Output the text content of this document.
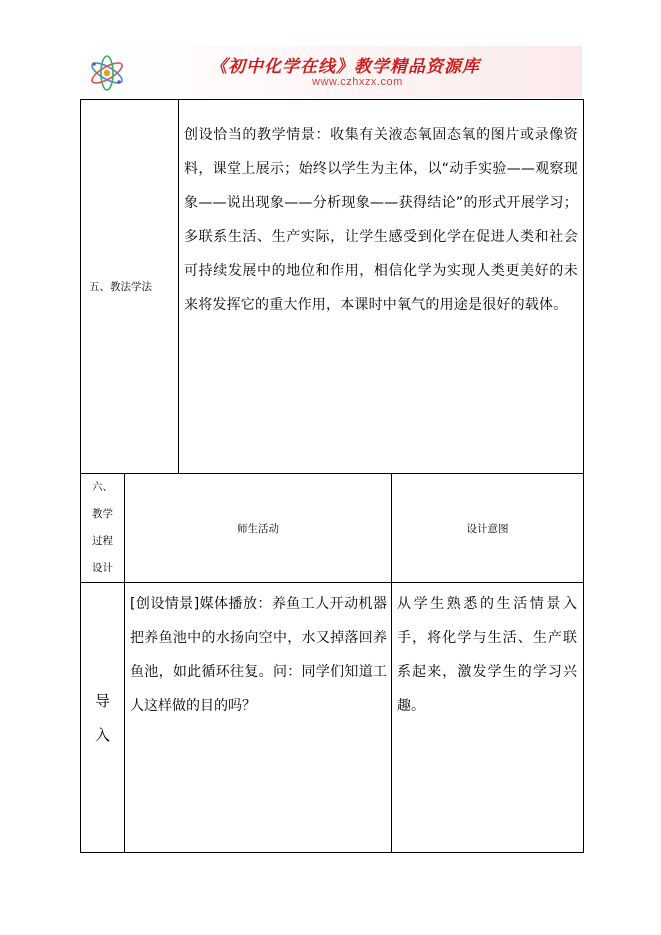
《初中化学在线》教学精品资源库
www.czhxzx.com
五、教法学法		创设恰当的教学情景：收集有关液态氧固态氧的图片或录像资料，课堂上展示；始终以学生为主体，以“动手实验——观察现象——说出现象——分析现象——获得结论”的形式开展学习；多联系生活、生产实际，让学生感受到化学在促进人类和社会可持续发展中的地位和作用，相信化学为实现人类更美好的未来将发挥它的重大作用，本课时中氧气的用途是很好的载体。	

六、
教学
过程
设计	师生活动		设计意图

导
入	[创设情景]媒体播放：养鱼工人开动机器把养鱼池中的水扬向空中，水又掉落回养鱼池，如此循环往复。问：同学们知道工人这样做的目的吗？		从学生熟悉的生活情景入手，将化学与生活、生产联系起来，激发学生的学习兴趣。
